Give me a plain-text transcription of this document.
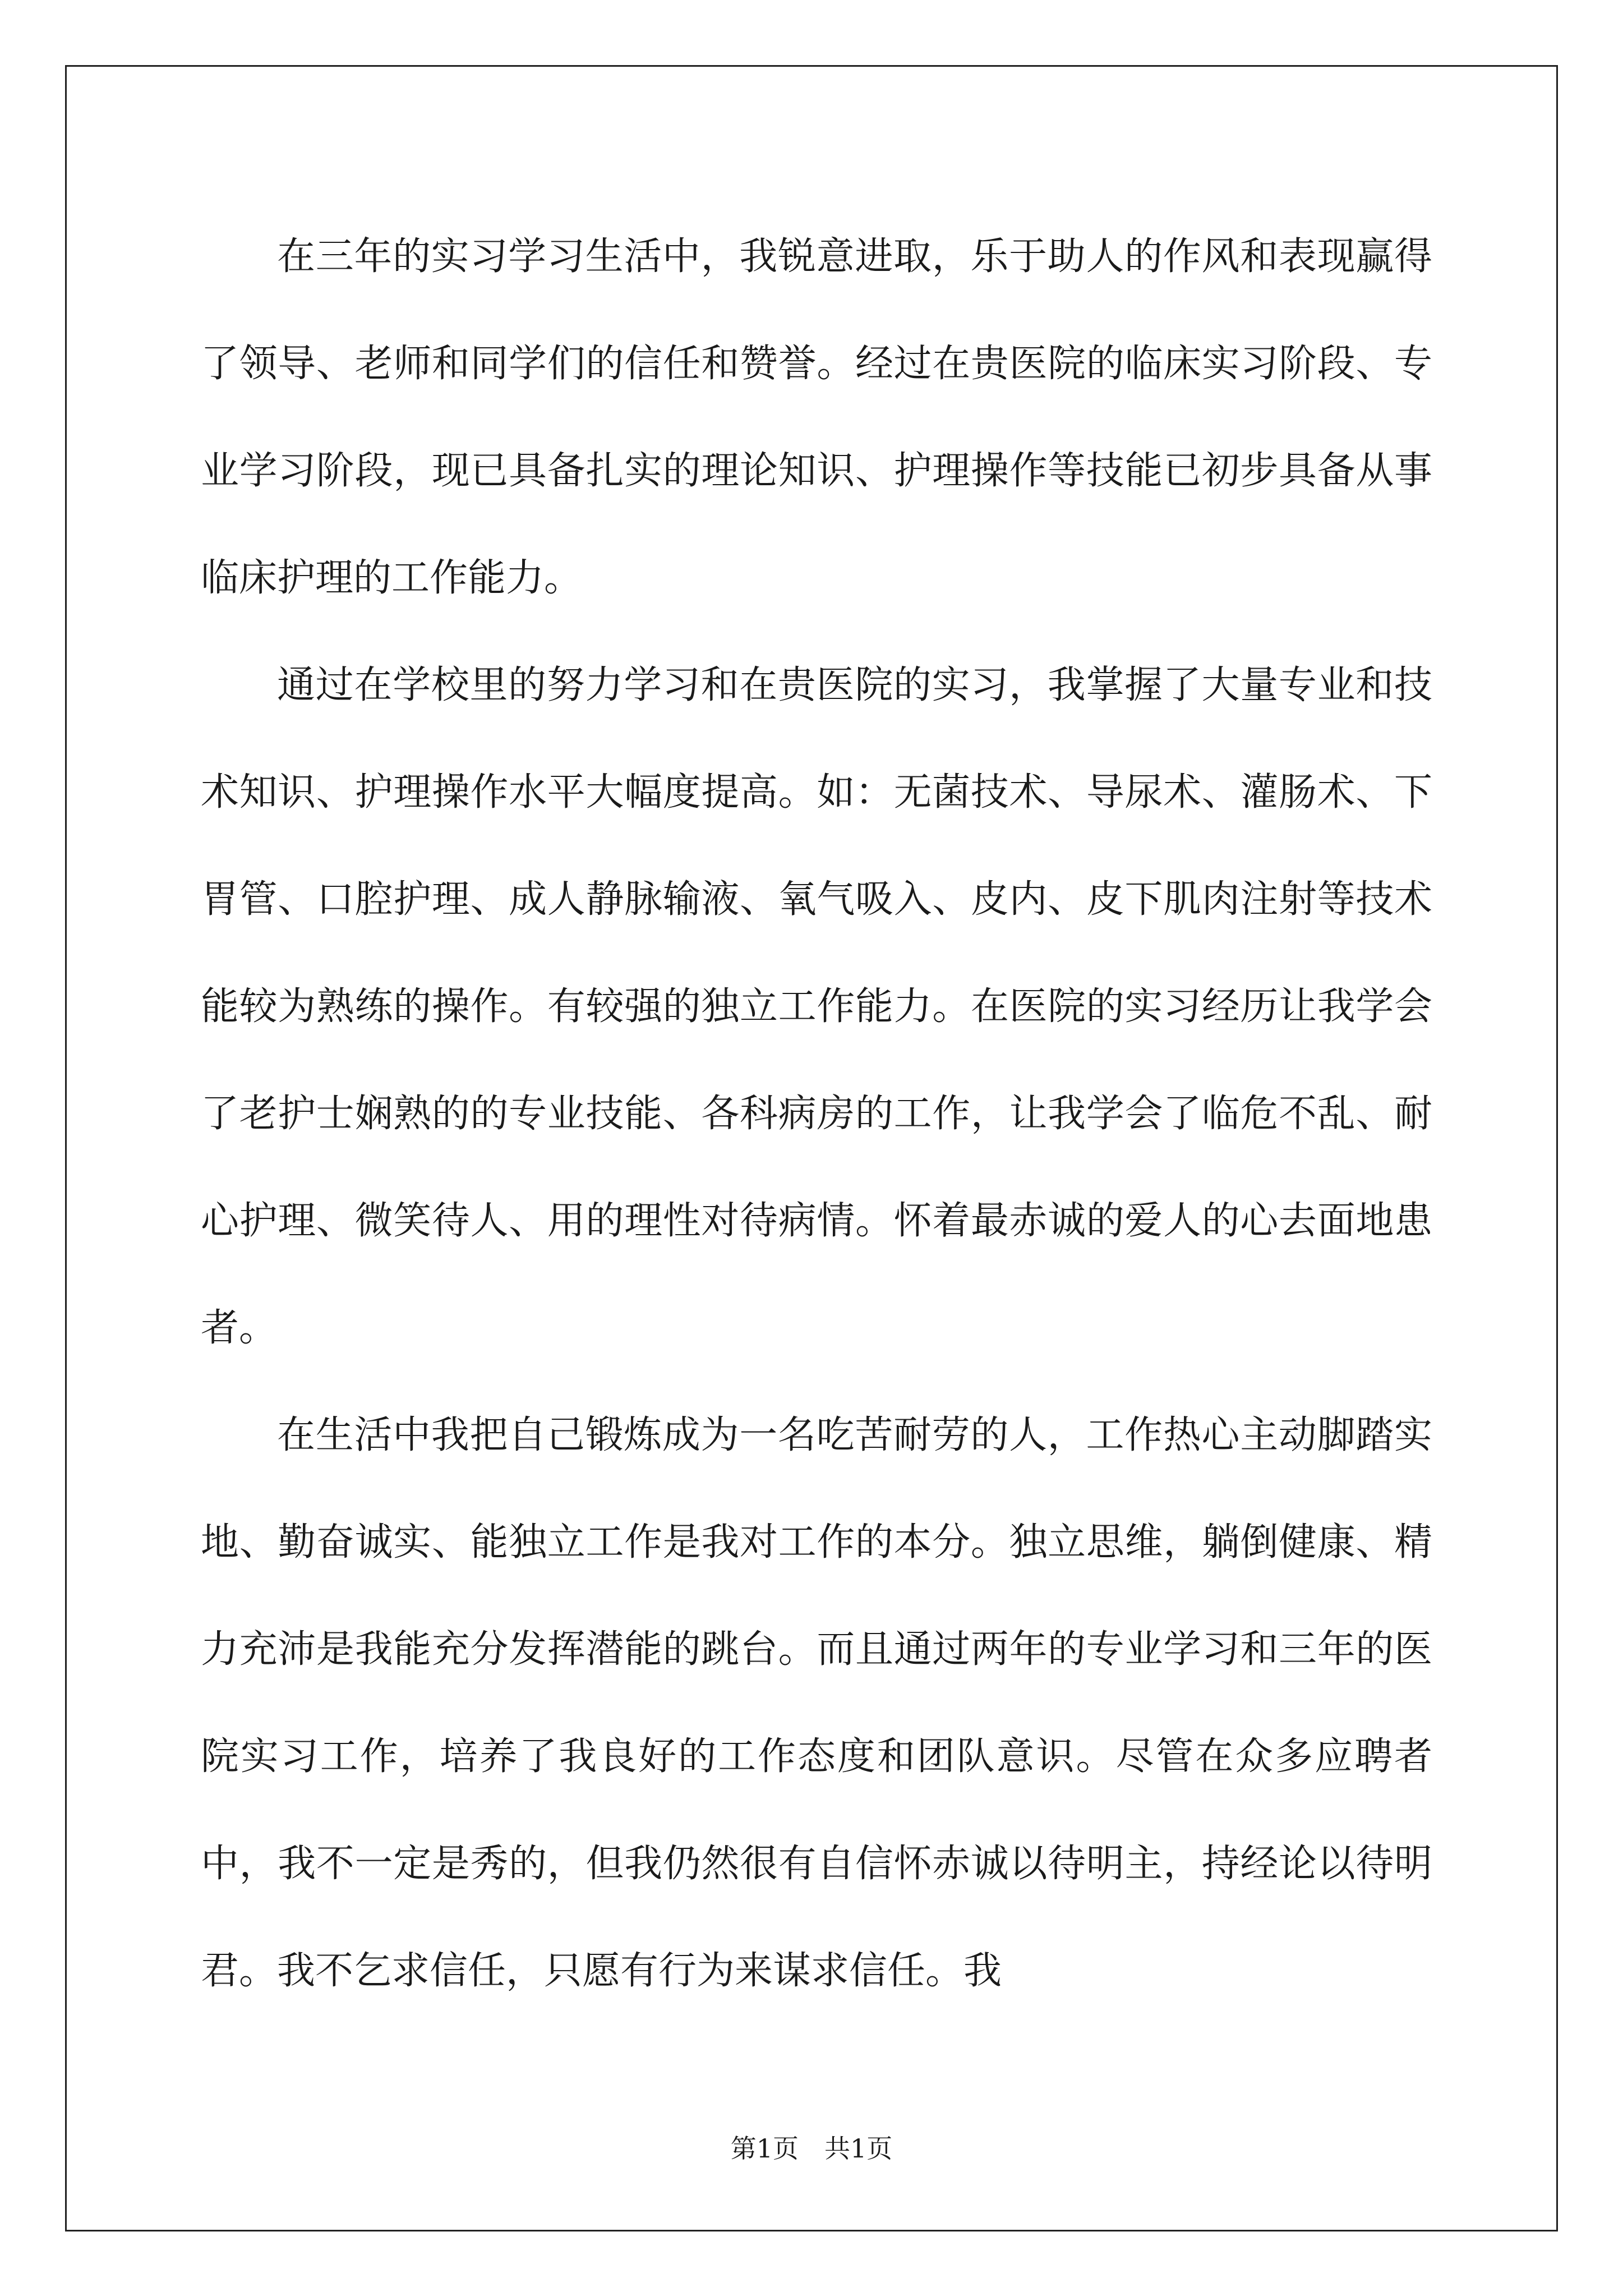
在三年的实习学习生活中，我锐意进取，乐于助人的作风和表现赢得了领导、老师和同学们的信任和赞誉。经过在贵医院的临床实习阶段、专业学习阶段，现已具备扎实的理论知识、护理操作等技能已初步具备从事临床护理的工作能力。

通过在学校里的努力学习和在贵医院的实习，我掌握了大量专业和技术知识、护理操作水平大幅度提高。如：无菌技术、导尿术、灌肠术、下胃管、口腔护理、成人静脉输液、氧气吸入、皮内、皮下肌肉注射等技术能较为熟练的操作。有较强的独立工作能力。在医院的实习经历让我学会了老护士娴熟的的专业技能、各科病房的工作，让我学会了临危不乱、耐心护理、微笑待人、用的理性对待病情。怀着最赤诚的爱人的心去面地患者。

在生活中我把自己锻炼成为一名吃苦耐劳的人，工作热心主动脚踏实地、勤奋诚实、能独立工作是我对工作的本分。独立思维，躺倒健康、精力充沛是我能充分发挥潜能的跳台。而且通过两年的专业学习和三年的医院实习工作，培养了我良好的工作态度和团队意识。尽管在众多应聘者中，我不一定是秀的，但我仍然很有自信怀赤诚以待明主，持经论以待明君。我不乞求信任，只愿有行为来谋求信任。我

第1页　共1页
